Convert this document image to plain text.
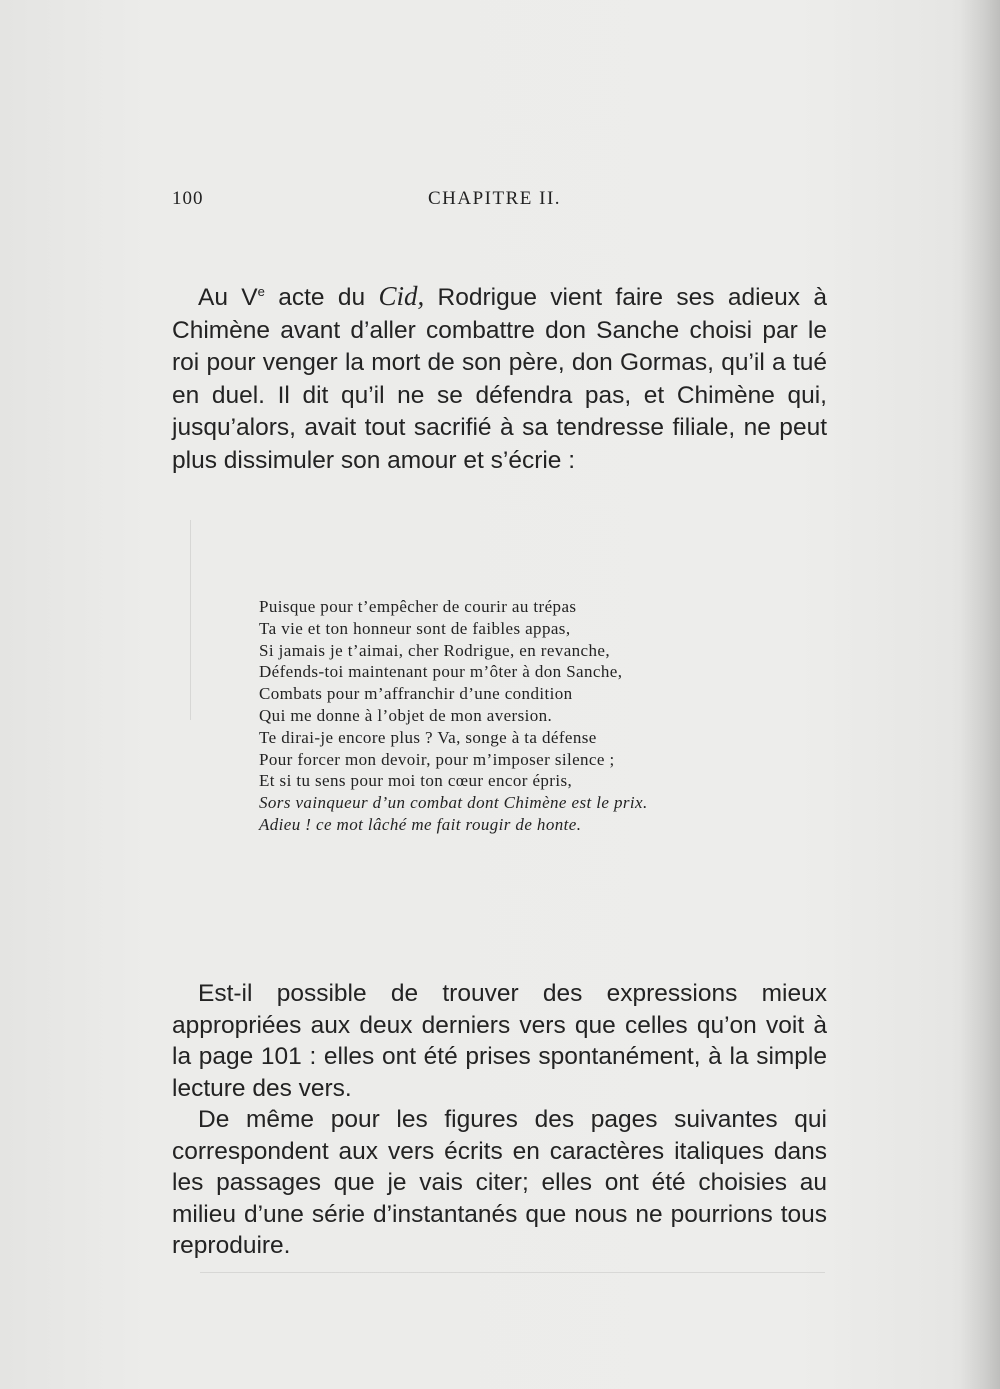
100	CHAPITRE II.

Au Ve acte du Cid, Rodrigue vient faire ses adieux à Chimène avant d’aller combattre don Sanche choisi par le roi pour venger la mort de son père, don Gormas, qu’il a tué en duel. Il dit qu’il ne se défendra pas, et Chimène qui, jusqu’alors, avait tout sacrifié à sa tendresse filiale, ne peut plus dissimuler son amour et s’écrie :

Puisque pour t’empêcher de courir au trépas
Ta vie et ton honneur sont de faibles appas,
Si jamais je t’aimai, cher Rodrigue, en revanche,
Défends-toi maintenant pour m’ôter à don Sanche,
Combats pour m’affranchir d’une condition
Qui me donne à l’objet de mon aversion.
Te dirai-je encore plus ? Va, songe à ta défense
Pour forcer mon devoir, pour m’imposer silence ;
Et si tu sens pour moi ton cœur encor épris,
Sors vainqueur d’un combat dont Chimène est le prix.
Adieu ! ce mot lâché me fait rougir de honte.

Est-il possible de trouver des expressions mieux appropriées aux deux derniers vers que celles qu’on voit à la page 101 : elles ont été prises spontanément, à la simple lecture des vers.

De même pour les figures des pages suivantes qui correspondent aux vers écrits en caractères italiques dans les passages que je vais citer; elles ont été choisies au milieu d’une série d’instantanés que nous ne pourrions tous reproduire.
